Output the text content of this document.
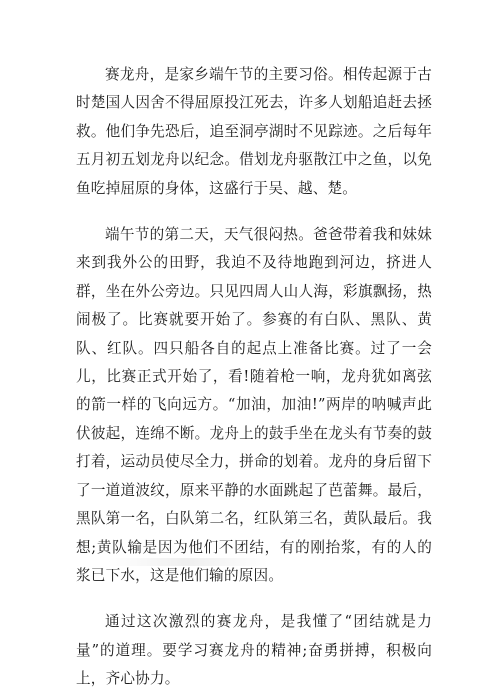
赛龙舟，是家乡端午节的主要习俗。相传起源于古时楚国人因舍不得屈原投江死去，许多人划船追赶去拯救。他们争先恐后，追至洞亭湖时不见踪迹。之后每年五月初五划龙舟以纪念。借划龙舟驱散江中之鱼，以免鱼吃掉屈原的身体，这盛行于吴、越、楚。

端午节的第二天，天气很闷热。爸爸带着我和妹妹来到我外公的田野，我迫不及待地跑到河边，挤进人群，坐在外公旁边。只见四周人山人海，彩旗飘扬，热闹极了。比赛就要开始了。参赛的有白队、黑队、黄队、红队。四只船各自的起点上准备比赛。过了一会儿，比赛正式开始了，看!随着枪一响，龙舟犹如离弦的箭一样的飞向远方。“加油，加油!”两岸的呐喊声此伏彼起，连绵不断。龙舟上的鼓手坐在龙头有节奏的鼓打着，运动员使尽全力，拼命的划着。龙舟的身后留下了一道道波纹，原来平静的水面跳起了芭蕾舞。最后，黑队第一名，白队第二名，红队第三名，黄队最后。我想;黄队输是因为他们不团结，有的刚抬浆，有的人的浆已下水，这是他们输的原因。

通过这次激烈的赛龙舟，是我懂了“团结就是力量”的道理。要学习赛龙舟的精神;奋勇拼搏，积极向上，齐心协力。
